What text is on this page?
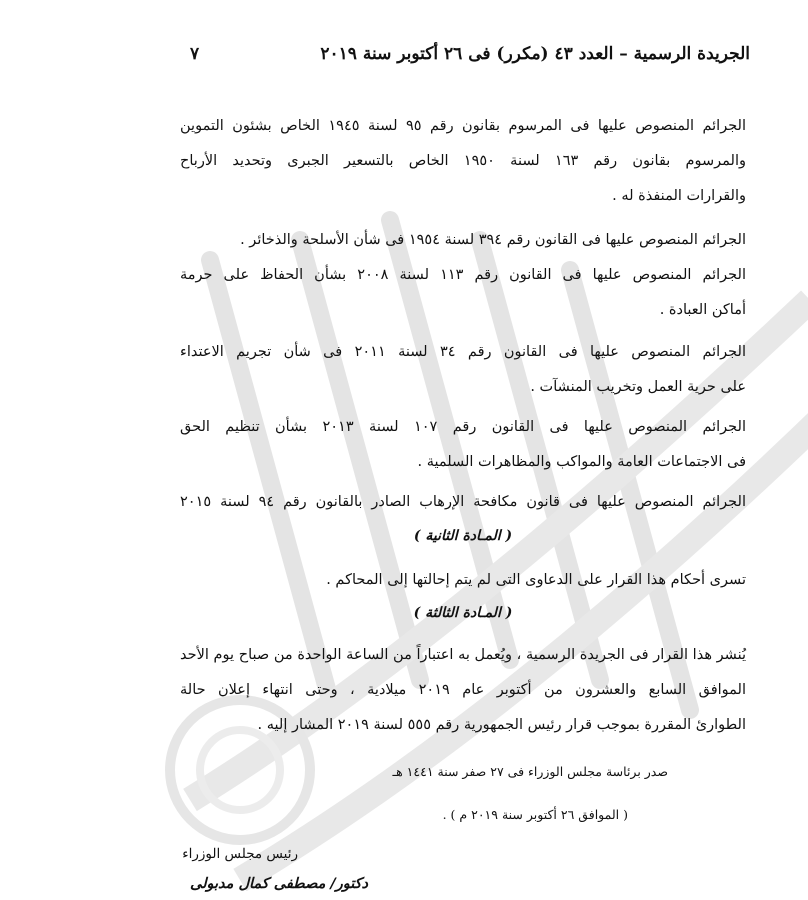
الجريدة الرسمية – العدد ٤٣ (مكرر) فى ٢٦ أكتوبر سنة ٢٠١٩
٧
الجرائم المنصوص عليها فى المرسوم بقانون رقم ٩٥ لسنة ١٩٤٥ الخاص بشئون التموين
والمرسوم بقانون رقم ١٦٣ لسنة ١٩٥٠ الخاص بالتسعير الجبرى وتحديد الأرباح
والقرارات المنفذة له .
الجرائم المنصوص عليها فى القانون رقم ٣٩٤ لسنة ١٩٥٤ فى شأن الأسلحة والذخائر .
الجرائم المنصوص عليها فى القانون رقم ١١٣ لسنة ٢٠٠٨ بشأن الحفاظ على حرمة
أماكن العبادة .
الجرائم المنصوص عليها فى القانون رقم ٣٤ لسنة ٢٠١١ فى شأن تجريم الاعتداء
على حرية العمل وتخريب المنشآت .
الجرائم المنصوص عليها فى القانون رقم ١٠٧ لسنة ٢٠١٣ بشأن تنظيم الحق
فى الاجتماعات العامة والمواكب والمظاهرات السلمية .
الجرائم المنصوص عليها فى قانون مكافحة الإرهاب الصادر بالقانون رقم ٩٤ لسنة ٢٠١٥
( المـادة الثانية )
تسرى أحكام هذا القرار على الدعاوى التى لم يتم إحالتها إلى المحاكم .
( المـادة الثالثة )
يُنشر هذا القرار فى الجريدة الرسمية ، ويُعمل به اعتباراً من الساعة الواحدة من صباح يوم الأحد
الموافق السابع والعشرون من أكتوبر عام ٢٠١٩ ميلادية ، وحتى انتهاء إعلان حالة
الطوارئ المقررة بموجب قرار رئيس الجمهورية رقم ٥٥٥ لسنة ٢٠١٩ المشار إليه .
صدر برئاسة مجلس الوزراء فى ٢٧ صفر سنة ١٤٤١ هـ
( الموافق ٢٦ أكتوبر سنة ٢٠١٩ م ) .
رئيس مجلس الوزراء
دكتور/ مصطفى كمال مدبولى
